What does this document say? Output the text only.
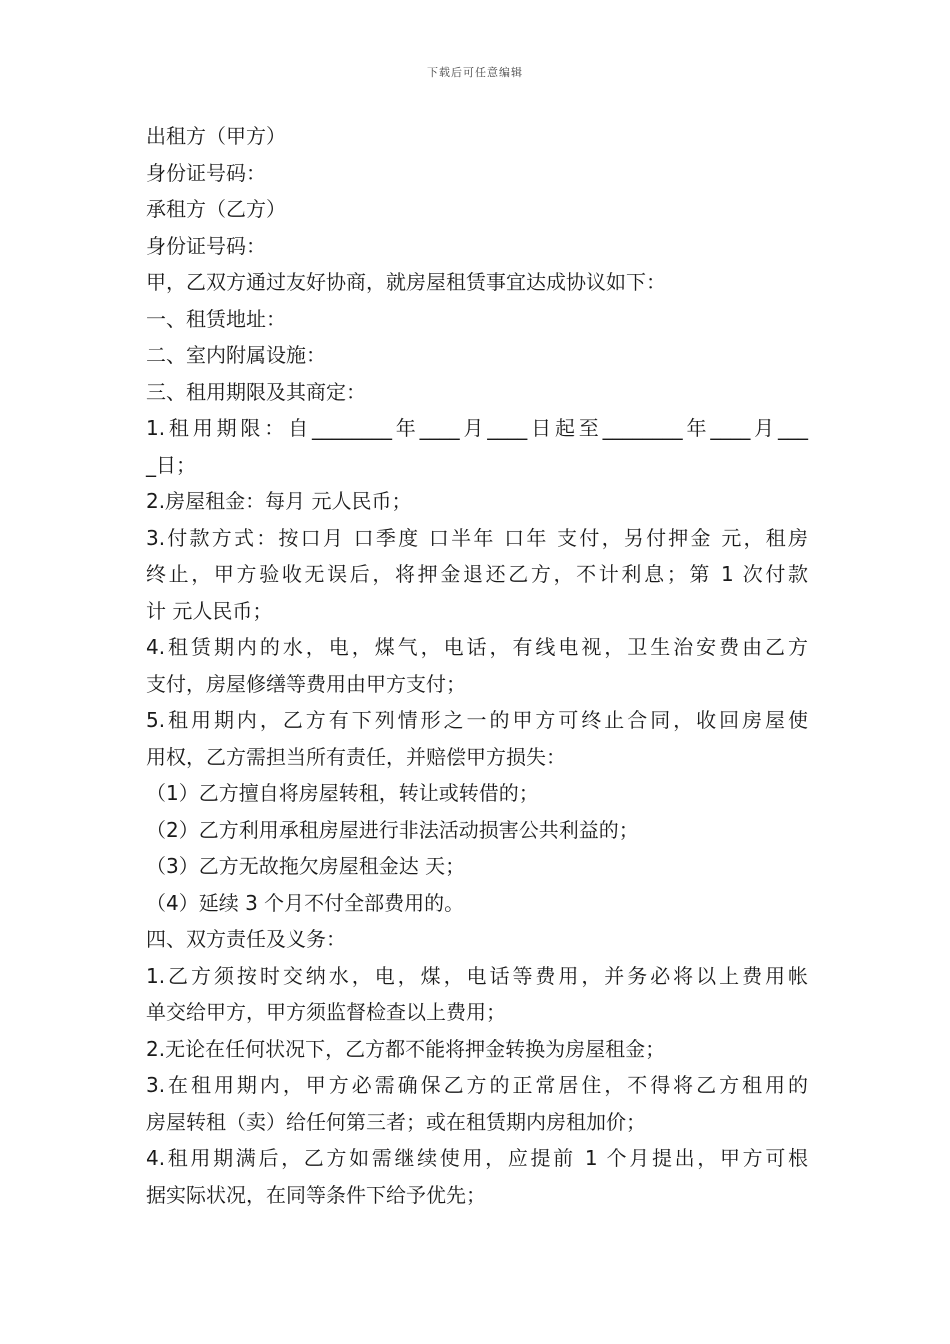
下载后可任意编辑
出租方（甲方）
身份证号码：
承租方（乙方）
身份证号码：
甲，乙双方通过友好协商，就房屋租赁事宜达成协议如下：
一、租赁地址：
二、室内附属设施：
三、租用期限及其商定：
1.租用期限：自________年____月____日起至________年____月___
_日；
2.房屋租金：每月 元人民币；
3.付款方式：按口月 口季度 口半年 口年 支付，另付押金 元，租房
终止，甲方验收无误后，将押金退还乙方，不计利息；第 1 次付款
计 元人民币；
4.租赁期内的水，电，煤气，电话，有线电视，卫生治安费由乙方
支付，房屋修缮等费用由甲方支付；
5.租用期内，乙方有下列情形之一的甲方可终止合同，收回房屋使
用权，乙方需担当所有责任，并赔偿甲方损失：
（1）乙方擅自将房屋转租，转让或转借的；
（2）乙方利用承租房屋进行非法活动损害公共利益的；
（3）乙方无故拖欠房屋租金达 天；
（4）延续 3 个月不付全部费用的。
四、双方责任及义务：
1.乙方须按时交纳水，电，煤，电话等费用，并务必将以上费用帐
单交给甲方，甲方须监督检查以上费用；
2.无论在任何状况下，乙方都不能将押金转换为房屋租金；
3.在租用期内，甲方必需确保乙方的正常居住，不得将乙方租用的
房屋转租（卖）给任何第三者；或在租赁期内房租加价；
4.租用期满后，乙方如需继续使用，应提前 1 个月提出，甲方可根
据实际状况，在同等条件下给予优先；
